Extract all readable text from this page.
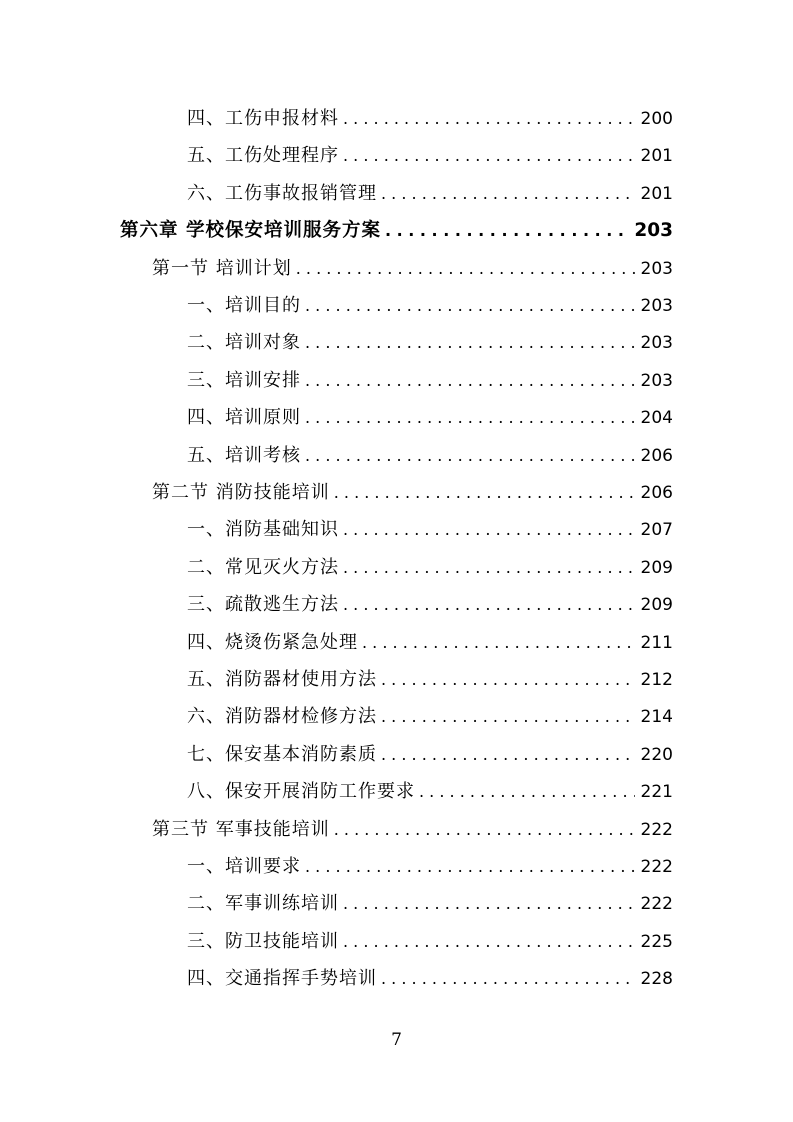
四、工伤申报材料 . . .	200
五、工伤处理程序 . . .	201
六、工伤事故报销管理 . . .	201
第六章 学校保安培训服务方案 . . .	203
第一节 培训计划 . . .	203
一、培训目的 . . .	203
二、培训对象 . . .	203
三、培训安排 . . .	203
四、培训原则 . . .	204
五、培训考核 . . .	206
第二节 消防技能培训 . . .	206
一、消防基础知识 . . .	207
二、常见灭火方法 . . .	209
三、疏散逃生方法 . . .	209
四、烧烫伤紧急处理 . . .	211
五、消防器材使用方法 . . .	212
六、消防器材检修方法 . . .	214
七、保安基本消防素质 . . .	220
八、保安开展消防工作要求 . . .	221
第三节 军事技能培训 . . .	222
一、培训要求 . . .	222
二、军事训练培训 . . .	222
三、防卫技能培训 . . .	225
四、交通指挥手势培训 . . .	228
7
